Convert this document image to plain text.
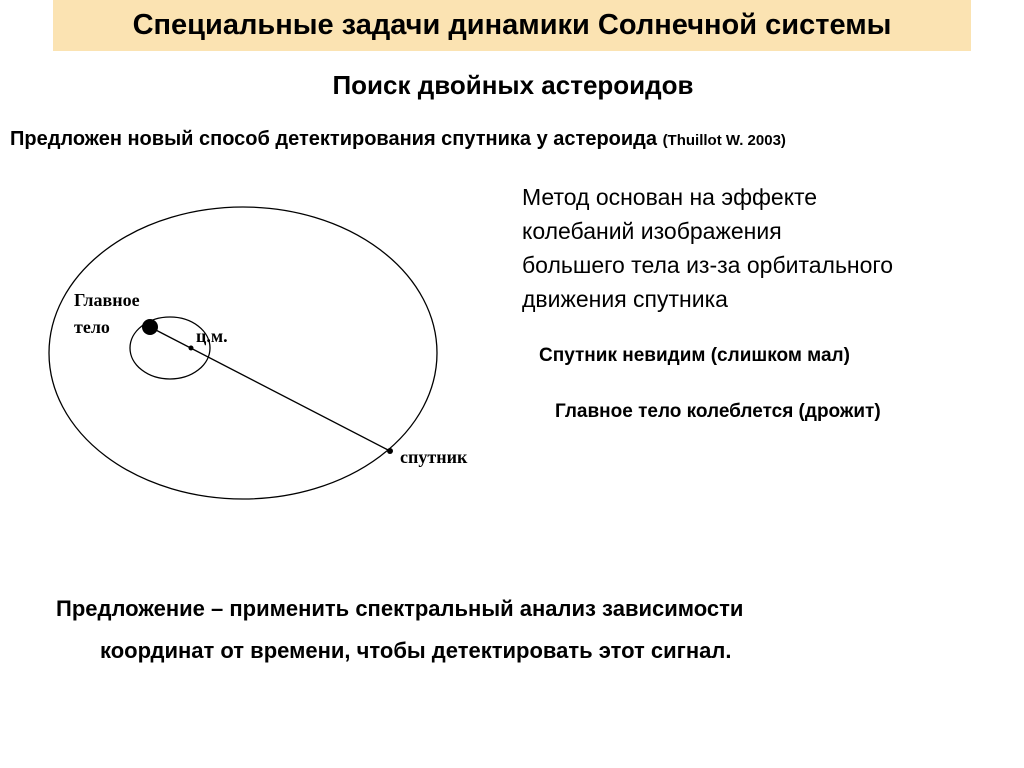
Специальные задачи динамики Солнечной системы
Поиск двойных астероидов
Предложен новый способ детектирования спутника у астероида (Thuillot W. 2003)
Главное
тело	ц.м.
спутник
Метод основан на эффекте
колебаний изображения
большего тела из-за орбитального
движения спутника
Спутник невидим (слишком мал)
Главное тело колеблется (дрожит)
Предложение – применить спектральный анализ зависимости
координат от времени, чтобы детектировать этот сигнал.
